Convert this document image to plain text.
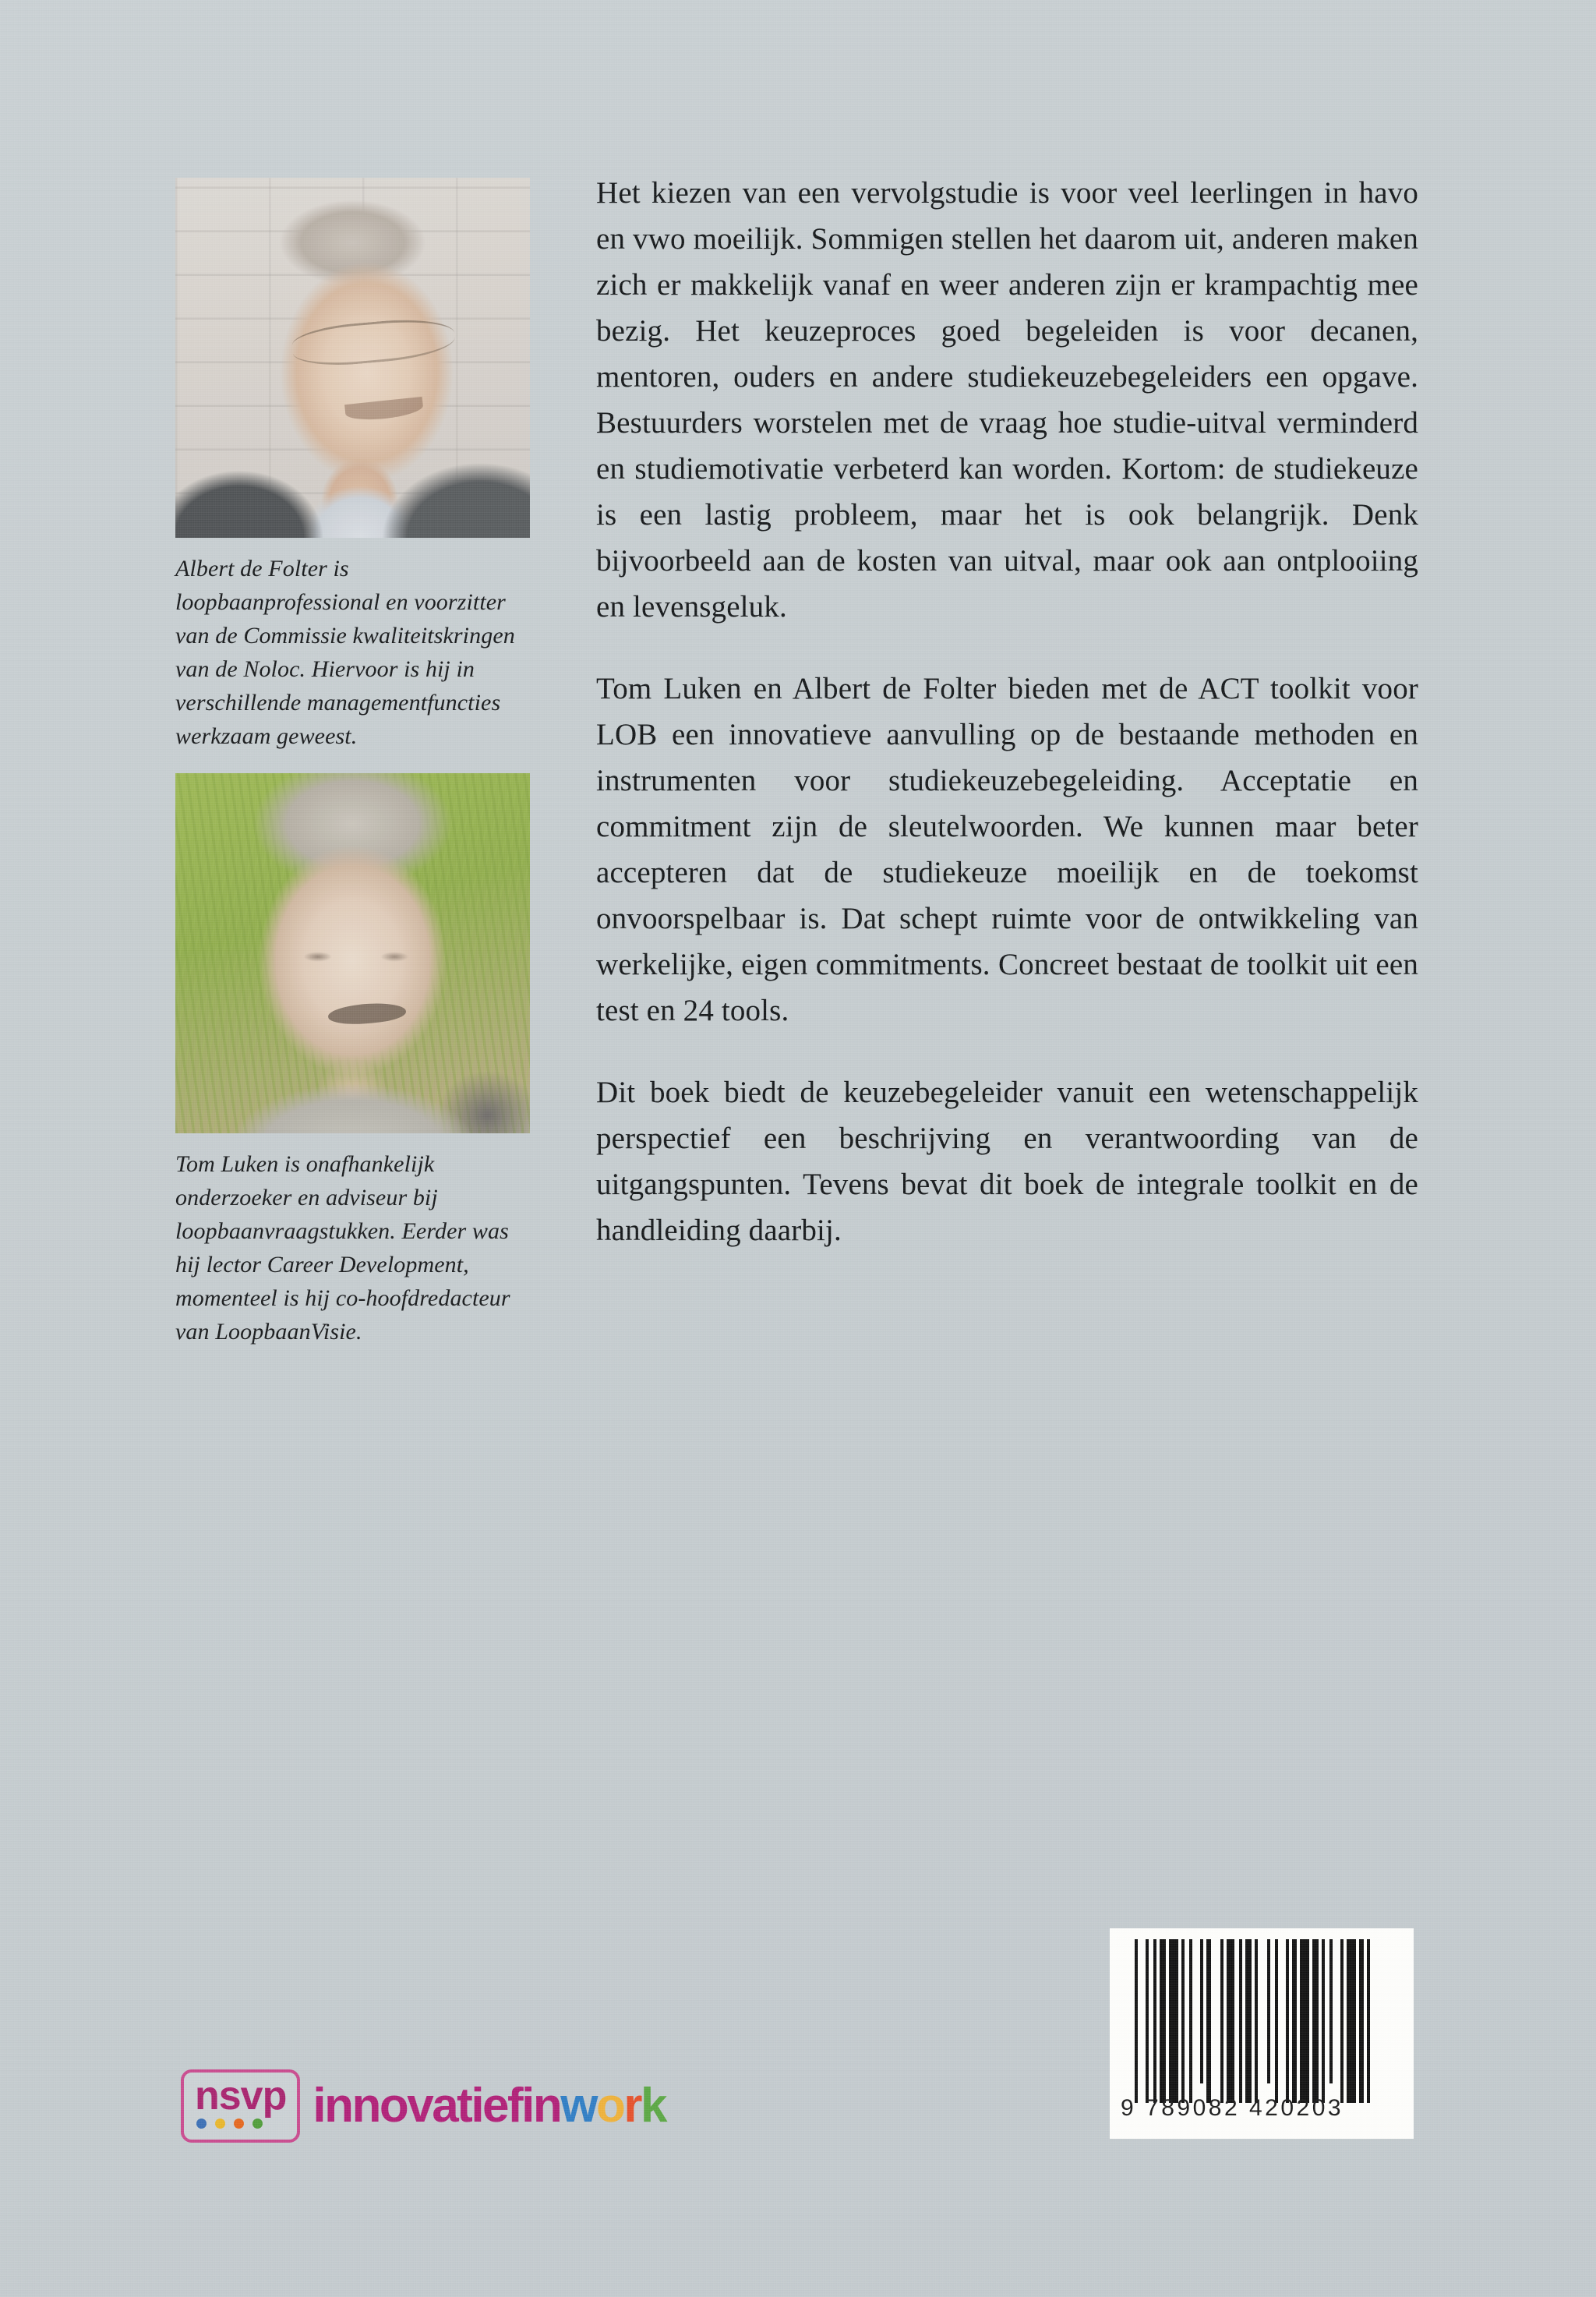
Albert de Folter is loopbaanprofessional en voorzitter van de Commissie kwaliteitskringen van de Noloc. Hiervoor is hij in verschillende managementfuncties werkzaam geweest.
Tom Luken is onafhankelijk onderzoeker en adviseur bij loopbaanvraagstukken. Eerder was hij lector Career Development, momenteel is hij co-hoofdredacteur van LoopbaanVisie.

Het kiezen van een vervolgstudie is voor veel leerlingen in havo en vwo moeilijk. Sommigen stellen het daarom uit, anderen maken zich er makkelijk vanaf en weer anderen zijn er krampachtig mee bezig. Het keuzeproces goed begeleiden is voor decanen, mentoren, ouders en andere studiekeuzebegeleiders een opgave. Bestuurders worstelen met de vraag hoe studie-uitval verminderd en studiemotivatie verbeterd kan worden. Kortom: de studiekeuze is een lastig probleem, maar het is ook belangrijk. Denk bijvoorbeeld aan de kosten van uitval, maar ook aan ontplooiing en levensgeluk.

Tom Luken en Albert de Folter bieden met de ACT toolkit voor LOB een innovatieve aanvulling op de bestaande methoden en instrumenten voor studiekeuzebegeleiding. Acceptatie en commitment zijn de sleutelwoorden. We kunnen maar beter accepteren dat de studiekeuze moeilijk en de toekomst onvoorspelbaar is. Dat schept ruimte voor de ontwikkeling van werkelijke, eigen commitments. Concreet bestaat de toolkit uit een test en 24 tools.

Dit boek biedt de keuzebegeleider vanuit een wetenschappelijk perspectief een beschrijving en verantwoording van de uitgangspunten. Tevens bevat dit boek de integrale toolkit en de handleiding daarbij.

nsvp innovatiefinwork	9 789082 420203
